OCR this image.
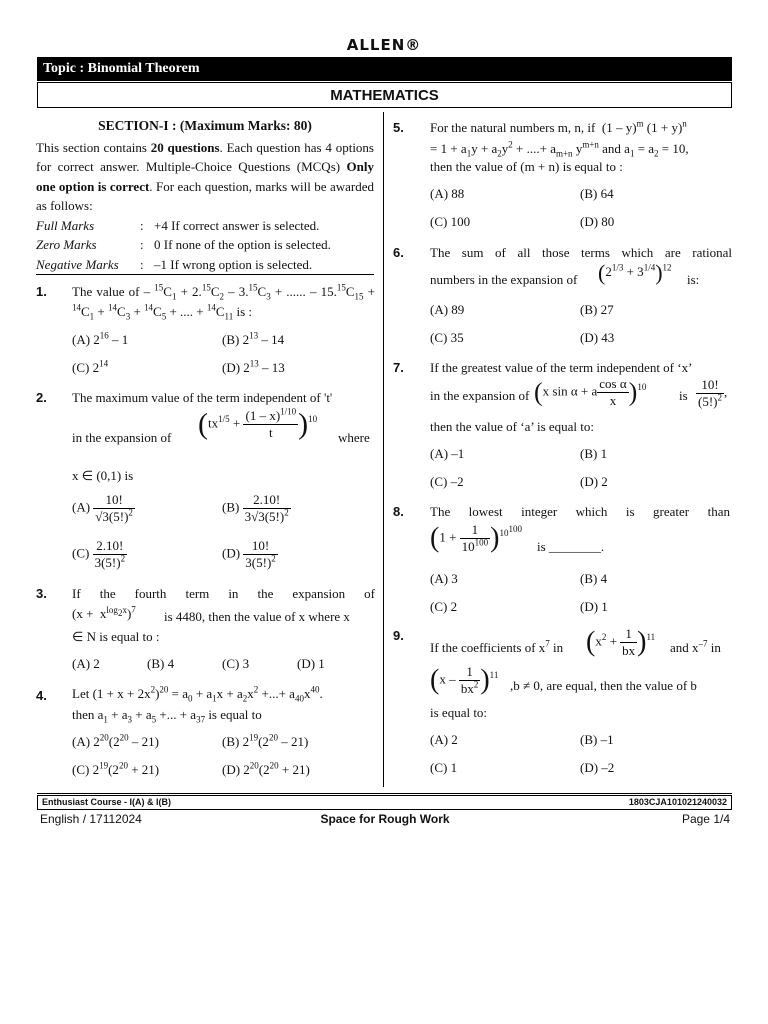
ALLEN®
Topic : Binomial Theorem
MATHEMATICS
SECTION-I : (Maximum Marks: 80)
This section contains 20 questions. Each question has 4 options for correct answer. Multiple-Choice Questions (MCQs) Only one option is correct. For each question, marks will be awarded as follows:
Full Marks	: +4 If correct answer is selected.
Zero Marks	: 0 If none of the option is selected.
Negative Marks : –1 If wrong option is selected.
1. The value of – $^{15}C_1 + 2.15C_2 - 3.15C_3$ + ...... – $15.15C_{15} + ^{14}C_1 + ^{14}C_3 + ^{14}C_5$ + .... + $^{14}C_{11}$ is :
(A) $2^{16} - 1$	(B) $2^{13} - 14$
(C) $2^{14}$	(D) $2^{13} - 13$
2. The maximum value of the term independent of 't'
in the expansion of $(tx^{1/5} + \frac{(1 - x)^{1/10}}{t} )^{10}$
where
x ∈ (0,1) is
$(A) \frac{10!}{√3(5!)^2}$	$(B) \frac{2.10!}{3√3(5!)^2}$
$(C) \frac{2.10!}{3(5!)^2}$	$(D) \frac{10!}{3(5!)^2}$
3. If the fourth term in the expansion of
$(x + x^{log_2x})^7$ is 4480, then the value of x where x
∈ N is equal to :
(A) 2	(B) 4	(C) 3	(D) 1
4. Let $(1 + x + 2x^2)^{20} = a_0 + a_1x + a_2x^2$ +...+ $a_{40}x^{40}$.
then $a_1 + a_3 + a_5$ +... + $a_{37}$ is equal to
(A) $2^{20}(2^{20} - 21)$	(B) $2^{19}(2^{20} - 21)$
(C) $2^{19}(2^{20} + 21)$	(D) $2^{20}(2^{20} + 21)$
5. For the natural numbers m, n, if  (1 – y)$^m$ $(1 + y)^n$
= $1 + a_1y + a_2y^2$ + ....+ $a_{m+n}$ $y^{m+n}$ and $a_1 = a_2 = 10$,
then the value of (m + n) is equal to :
(A) 88	(B) 64
(C) 100	(D) 80
6. The sum of all those terms which are rational
numbers in the expansion of $(2^{1/3} + 3^{1/4})^{12}$
is:
(A) 89	(B) 27
(C) 35	(D) 43
7. If the greatest value of the term independent of ‘x’
in the expansion of (x sin α + a $\frac{\text{cos α}}{x} )^{10}$
is $\frac{10!}{(5!)^2}$ ,
then the value of ‘a’ is equal to:
(A) –1	(B) 1
(C) –2	(D) 2
8. The lowest integer which is greater than
$(1 + \frac{1}{10^{100}} )^{10^{100}}$
is ________.
(A) 3	(B) 4
(C) 2	(D) 1
9.
If the coefficients of $x^7$ in $(x^2 + \frac{1}{bx} )^{11}$
and $x^{-7}$ in
$(x - \frac{1}{bx^2} )^{11}$
,b ≠ 0, are equal, then the value of b
is equal to:
(A) 2	(B) –1
(C) 1	(D) –2
Enthusiast Course - I(A) & I(B)	1803CJA101021240032
English / 17112024	Space for Rough Work	Page 1/4
